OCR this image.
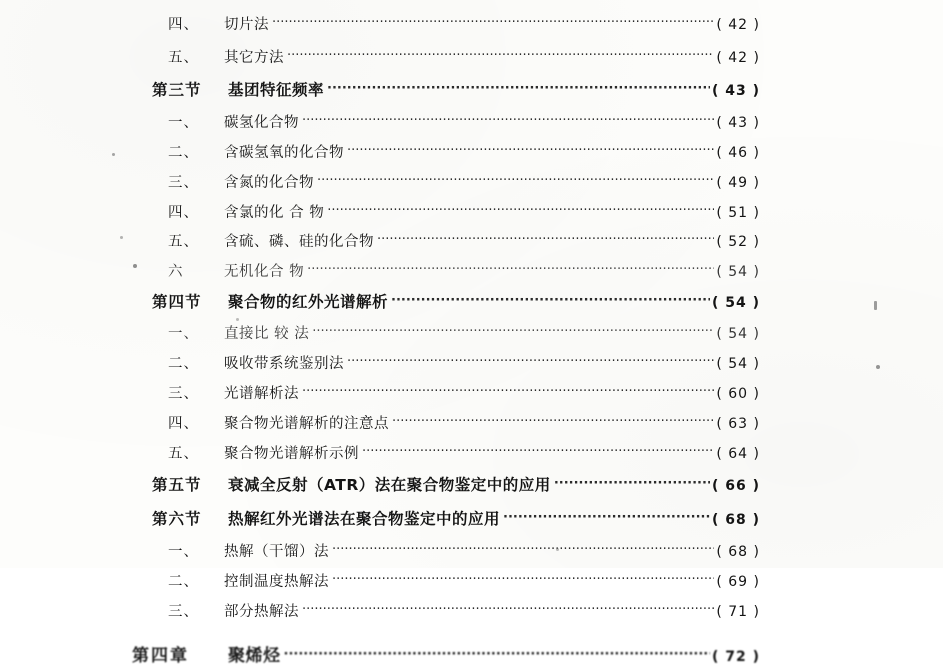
四、	切片法 ·····	( 42 )
五、	其它方法 ·····	( 42 )
第三节	基团特征频率 ·····	( 43 )
一、	碳氢化合物 ·····	( 43 )
二、	含碳氢氧的化合物 ·····	( 46 )
三、	含氮的化合物 ·····	( 49 )
四、	含氯的化 合 物 ·····	( 51 )
五、	含硫、磷、硅的化合物 ·····	( 52 )
六	无机化合 物 ·····	( 54 )
第四节	聚合物的红外光谱解析 ·····	( 54 )
一、	直接比 较 法 ·····	( 54 )
二、	吸收带系统鉴别法 ·····	( 54 )
三、	光谱解析法 ·····	( 60 )
四、	聚合物光谱解析的注意点 ·····	( 63 )
五、	聚合物光谱解析示例 ·····	( 64 )
第五节	衰减全反射（ATR）法在聚合物鉴定中的应用 ·····	( 66 )
第六节	热解红外光谱法在聚合物鉴定中的应用 ·····	( 68 )
一、	热解（干馏）法 ·····	( 68 )
二、	控制温度热解法 ·····	( 69 )
三、	部分热解法 ·····	( 71 )
第四章	聚烯烃 ·····	( 72 )
